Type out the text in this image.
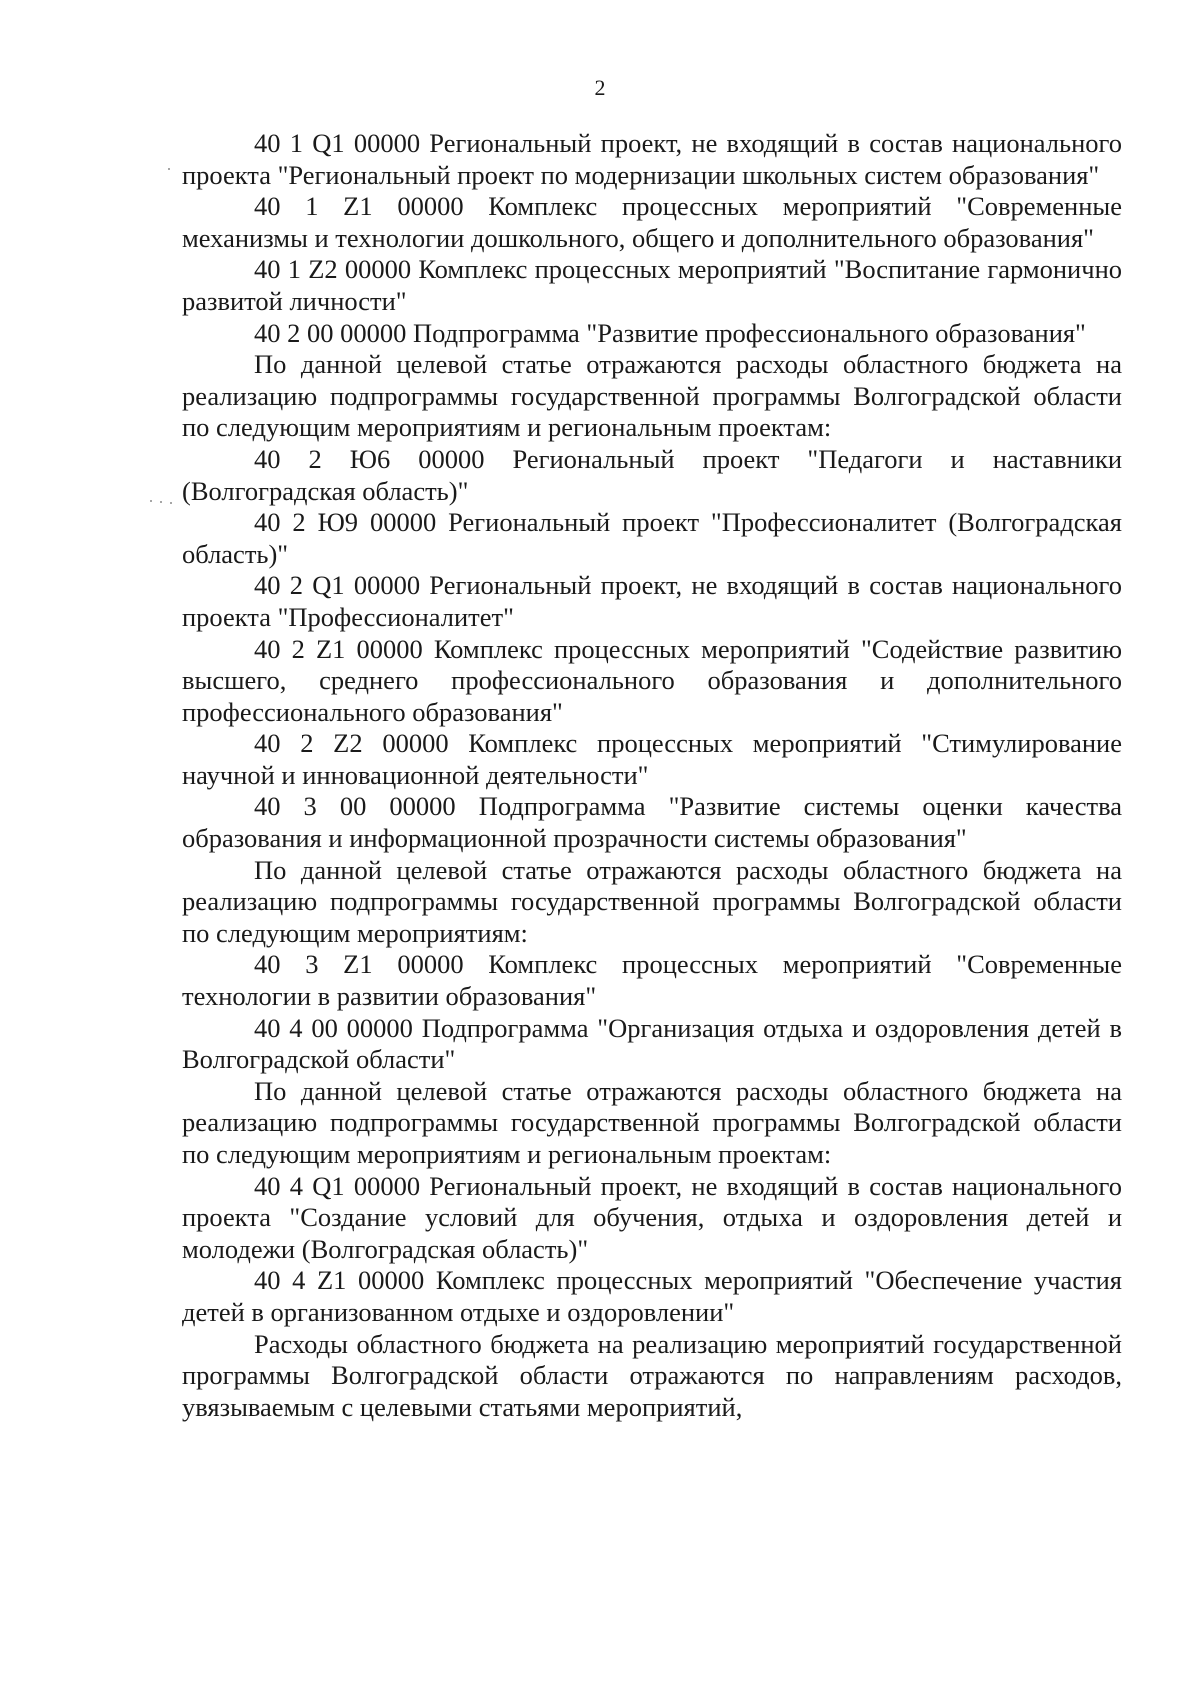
2

40 1 Q1 00000 Региональный проект, не входящий в состав национального проекта "Региональный проект по модернизации школьных систем образования"

40 1 Z1 00000 Комплекс процессных мероприятий "Современные механизмы и технологии дошкольного, общего и дополнительного образования"

40 1 Z2 00000 Комплекс процессных мероприятий "Воспитание гармонично развитой личности"

40 2 00 00000 Подпрограмма "Развитие профессионального образования"

По данной целевой статье отражаются расходы областного бюджета на реализацию подпрограммы государственной программы Волгоградской области по следующим мероприятиям и региональным проектам:

40 2 Ю6 00000 Региональный проект "Педагоги и наставники (Волгоградская область)"

40 2 Ю9 00000 Региональный проект "Профессионалитет (Волгоградская область)"

40 2 Q1 00000 Региональный проект, не входящий в состав национального проекта "Профессионалитет"

40 2 Z1 00000 Комплекс процессных мероприятий "Содействие развитию высшего, среднего профессионального образования и дополнительного профессионального образования"

40 2 Z2 00000 Комплекс процессных мероприятий "Стимулирование научной и инновационной деятельности"

40 3 00 00000 Подпрограмма "Развитие системы оценки качества образования и информационной прозрачности системы образования"

По данной целевой статье отражаются расходы областного бюджета на реализацию подпрограммы государственной программы Волгоградской области по следующим мероприятиям:

40 3 Z1 00000 Комплекс процессных мероприятий "Современные технологии в развитии образования"

40 4 00 00000 Подпрограмма "Организация отдыха и оздоровления детей в Волгоградской области"

По данной целевой статье отражаются расходы областного бюджета на реализацию подпрограммы государственной программы Волгоградской области по следующим мероприятиям и региональным проектам:

40 4 Q1 00000 Региональный проект, не входящий в состав национального проекта "Создание условий для обучения, отдыха и оздоровления детей и молодежи (Волгоградская область)"

40 4 Z1 00000 Комплекс процессных мероприятий "Обеспечение участия детей в организованном отдыхе и оздоровлении"

Расходы областного бюджета на реализацию мероприятий государственной программы Волгоградской области отражаются по направлениям расходов, увязываемым с целевыми статьями мероприятий,
